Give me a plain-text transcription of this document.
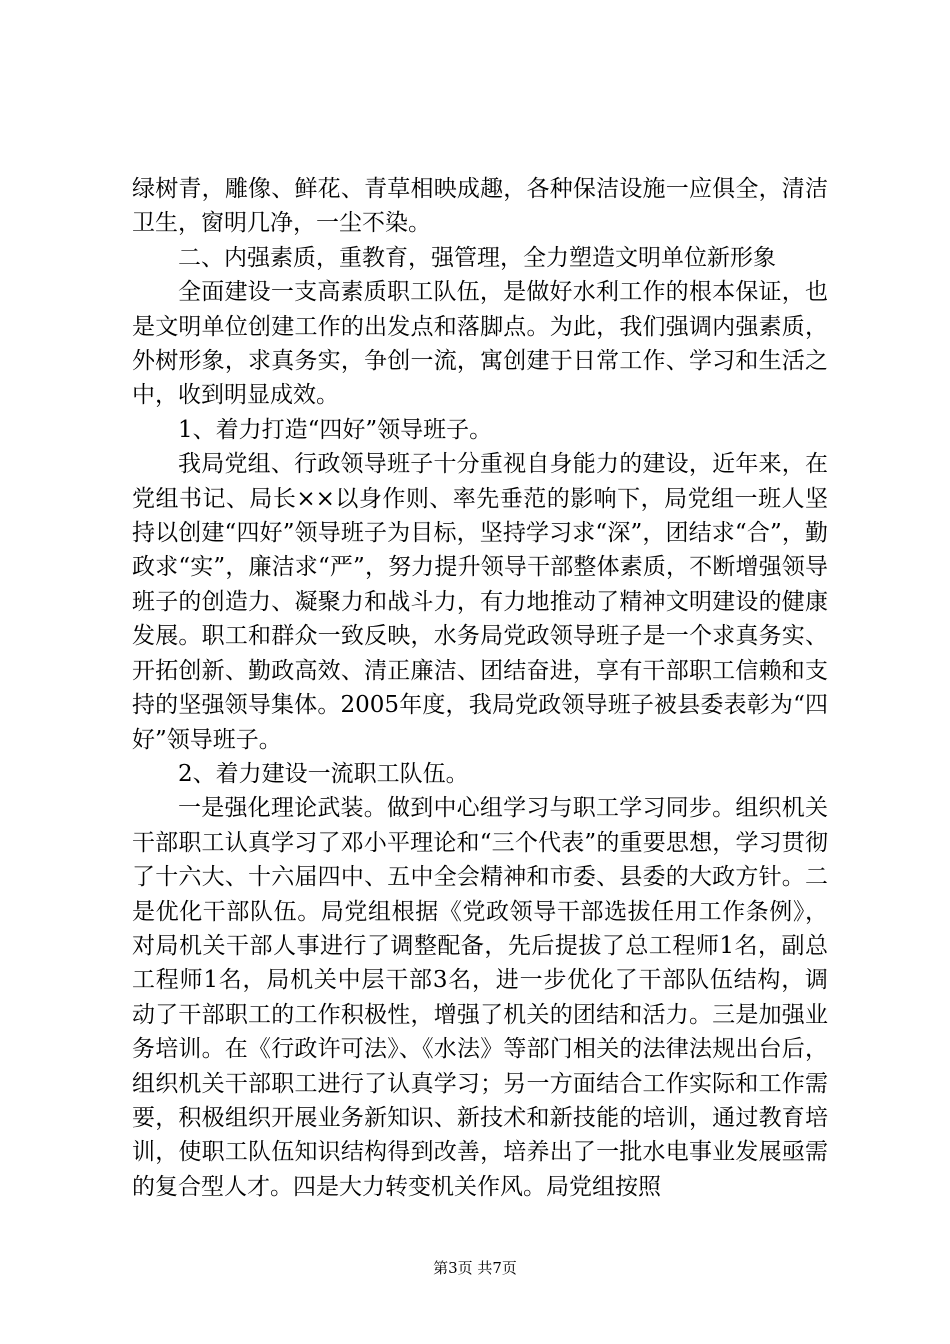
绿树青，雕像、鲜花、青草相映成趣，各种保洁设施一应俱全，清洁卫生，窗明几净，一尘不染。

二、内强素质，重教育，强管理，全力塑造文明单位新形象

全面建设一支高素质职工队伍，是做好水利工作的根本保证，也是文明单位创建工作的出发点和落脚点。为此，我们强调内强素质，外树形象，求真务实，争创一流，寓创建于日常工作、学习和生活之中，收到明显成效。

1、着力打造“四好”领导班子。

我局党组、行政领导班子十分重视自身能力的建设，近年来，在党组书记、局长××以身作则、率先垂范的影响下，局党组一班人坚持以创建“四好”领导班子为目标，坚持学习求“深”，团结求“合”，勤政求“实”，廉洁求“严”，努力提升领导干部整体素质，不断增强领导班子的创造力、凝聚力和战斗力，有力地推动了精神文明建设的健康发展。职工和群众一致反映，水务局党政领导班子是一个求真务实、开拓创新、勤政高效、清正廉洁、团结奋进，享有干部职工信赖和支持的坚强领导集体。2005年度，我局党政领导班子被县委表彰为“四好”领导班子。

2、着力建设一流职工队伍。

一是强化理论武装。做到中心组学习与职工学习同步。组织机关干部职工认真学习了邓小平理论和“三个代表”的重要思想，学习贯彻了十六大、十六届四中、五中全会精神和市委、县委的大政方针。二是优化干部队伍。局党组根据《党政领导干部选拔任用工作条例》，对局机关干部人事进行了调整配备，先后提拔了总工程师1名，副总工程师1名，局机关中层干部3名，进一步优化了干部队伍结构，调动了干部职工的工作积极性，增强了机关的团结和活力。三是加强业务培训。在《行政许可法》、《水法》等部门相关的法律法规出台后，组织机关干部职工进行了认真学习；另一方面结合工作实际和工作需要，积极组织开展业务新知识、新技术和新技能的培训，通过教育培训，使职工队伍知识结构得到改善，培养出了一批水电事业发展亟需的复合型人才。四是大力转变机关作风。局党组按照

第3页 共7页
